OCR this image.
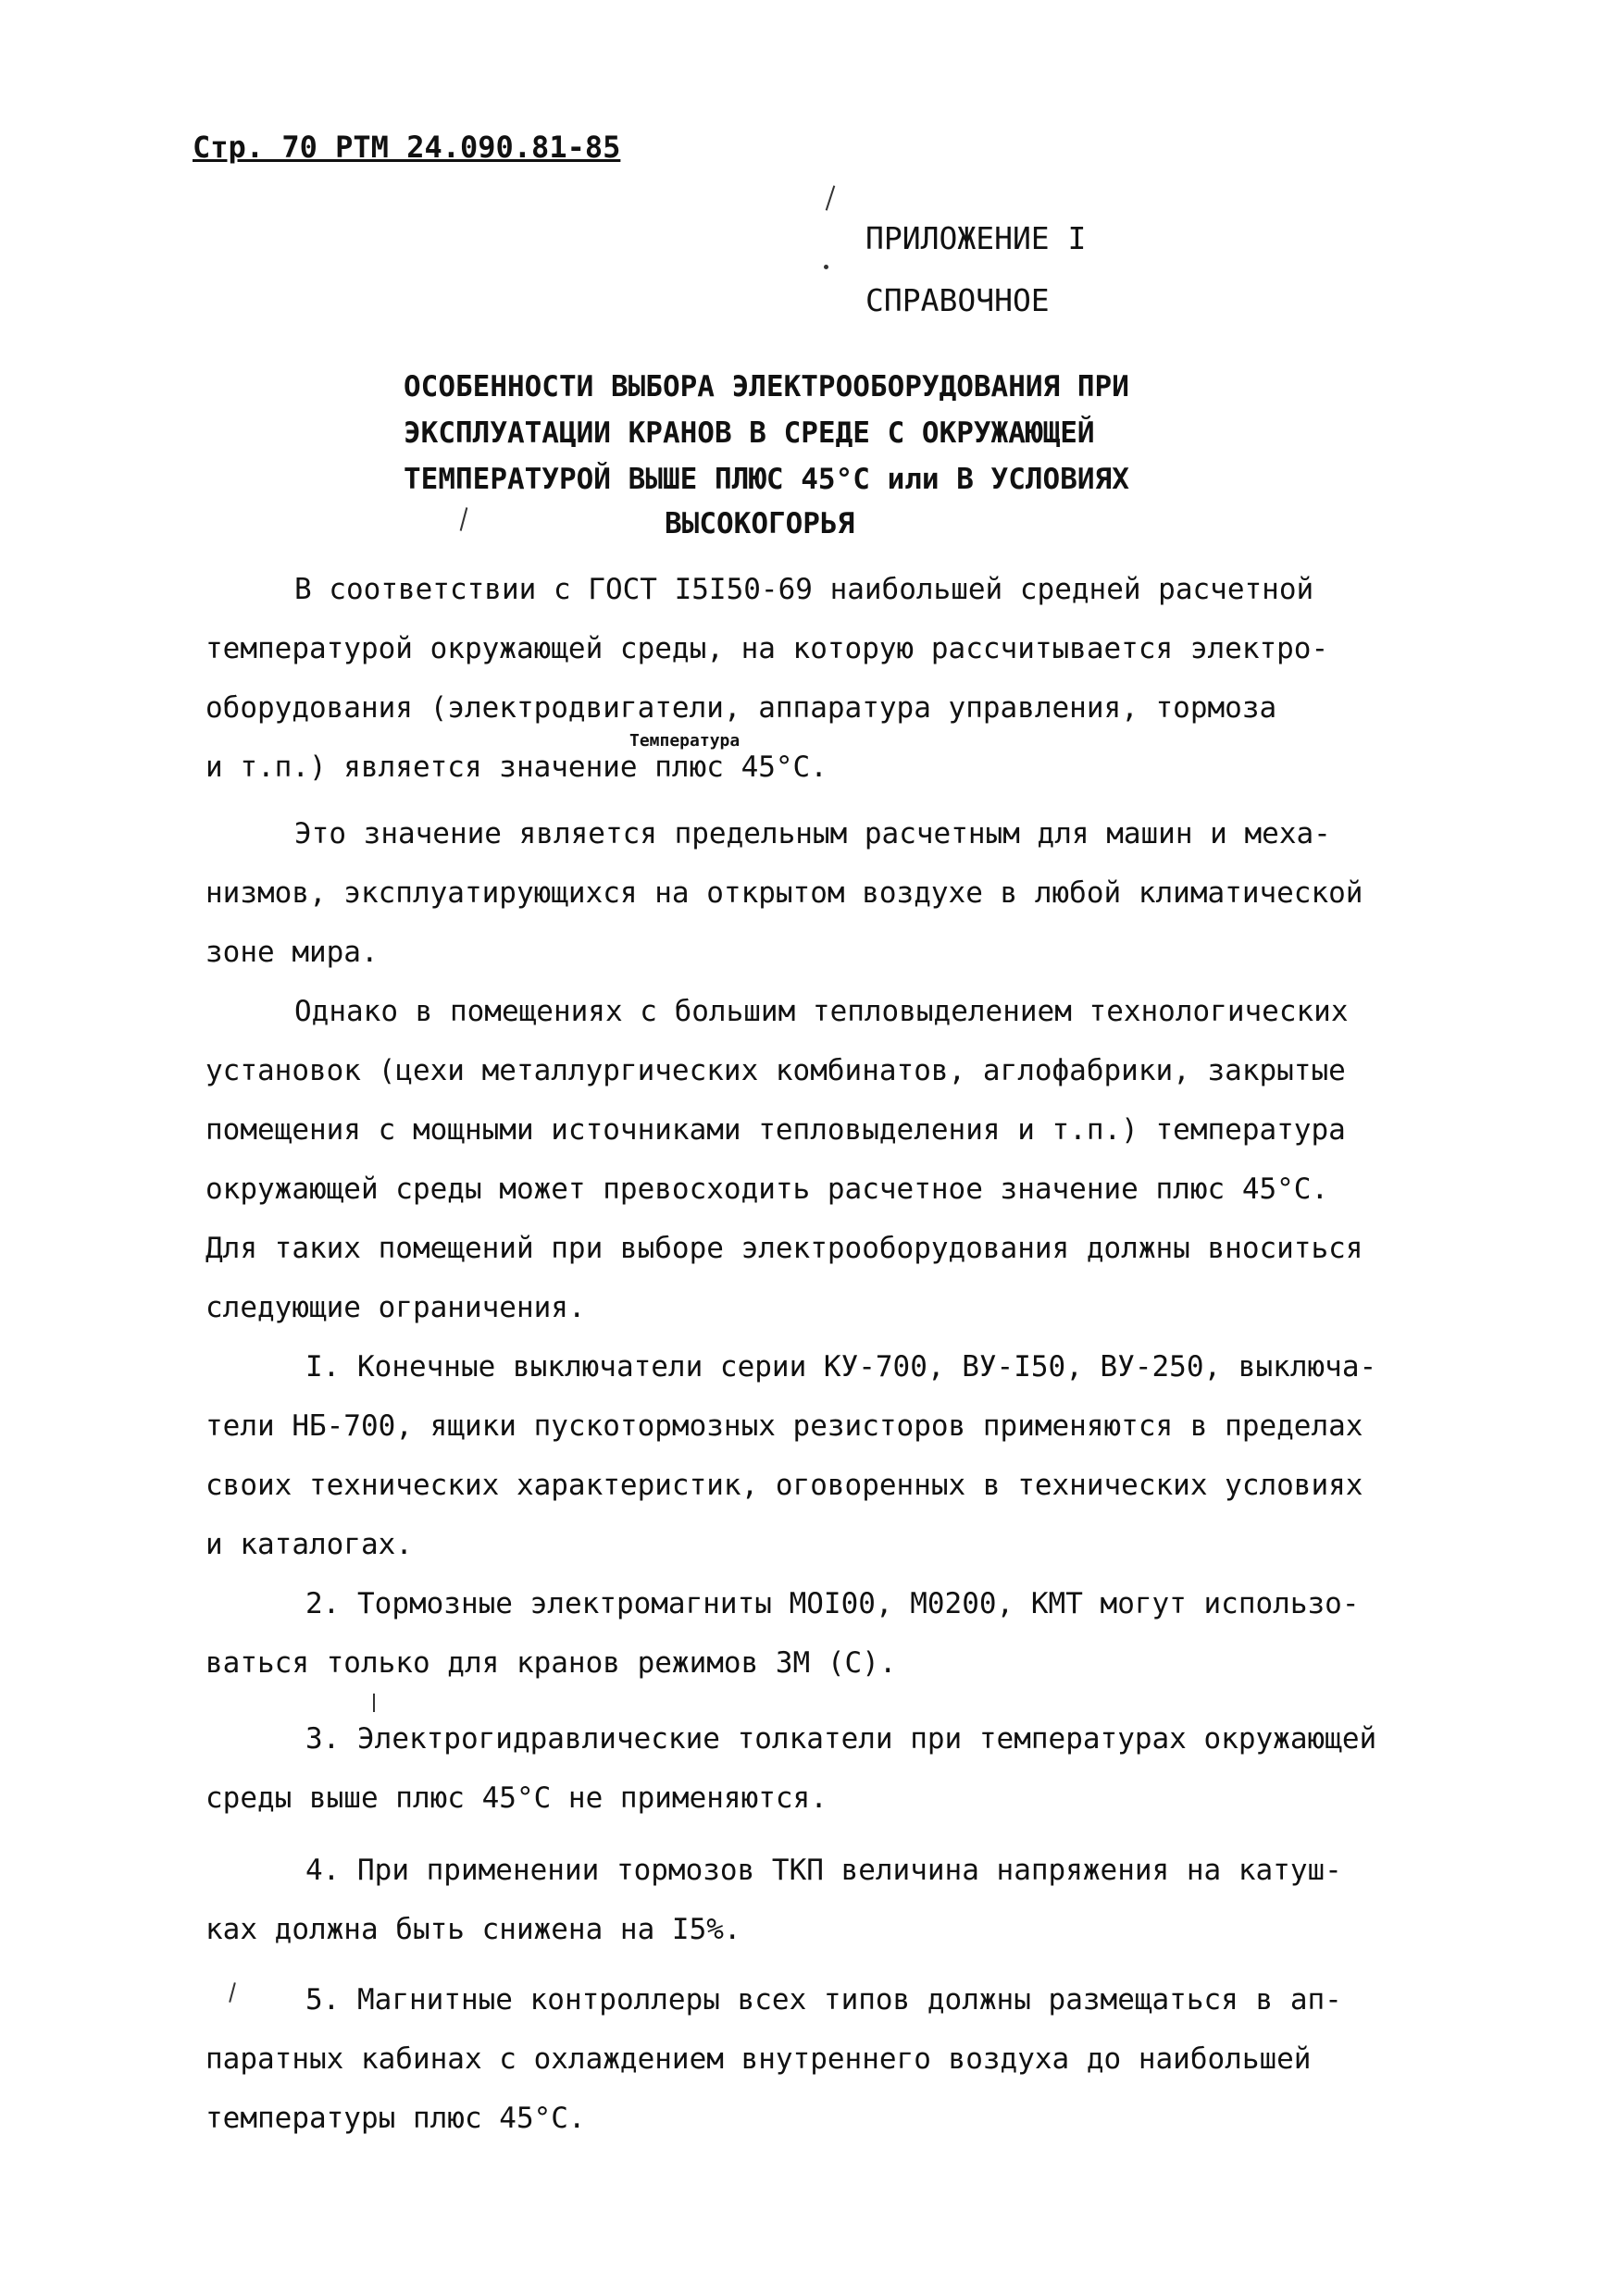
Стр. 70 РТМ 24.090.81-85
ПРИЛОЖЕНИЕ I
СПРАВОЧНОЕ
ОСОБЕННОСТИ ВЫБОРА ЭЛЕКТРООБОРУДОВАНИЯ ПРИ
ЭКСПЛУАТАЦИИ КРАНОВ В СРЕДЕ С ОКРУЖАЮЩЕЙ
ТЕМПЕРАТУРОЙ ВЫШЕ ПЛЮС 45°С или В УСЛОВИЯХ
ВЫСОКОГОРЬЯ
В соответствии с ГОСТ I5I50-69 наибольшей средней расчетной
температурой окружающей среды, на которую рассчитывается электро-
оборудования (электродвигатели, аппаратура управления, тормоза
и т.п.) является значение плюс 45°С.
Температура
Это значение является предельным расчетным для машин и меха-
низмов, эксплуатирующихся на открытом воздухе в любой климатической
зоне мира.
Однако в помещениях с большим тепловыделением технологических
установок (цехи металлургических комбинатов, аглофабрики, закрытые
помещения с мощными источниками тепловыделения и т.п.) температура
окружающей среды может превосходить расчетное значение плюс 45°С.
Для таких помещений при выборе электрооборудования должны вноситься
следующие ограничения.
I. Конечные выключатели серии КУ-700, ВУ-I50, ВУ-250, выключа-
тели НБ-700, ящики пускотормозных резисторов применяются в пределах
своих технических характеристик, оговоренных в технических условиях
и каталогах.
2. Тормозные электромагниты МОI00, М0200, КМТ могут использо-
ваться только для кранов режимов 3М (С).
3. Электрогидравлические толкатели при температурах окружающей
среды выше плюс 45°С не применяются.
4. При применении тормозов ТКП величина напряжения на катуш-
ках должна быть снижена на I5%.
5. Магнитные контроллеры всех типов должны размещаться в ап-
паратных кабинах с охлаждением внутреннего воздуха до наибольшей
температуры плюс 45°С.
